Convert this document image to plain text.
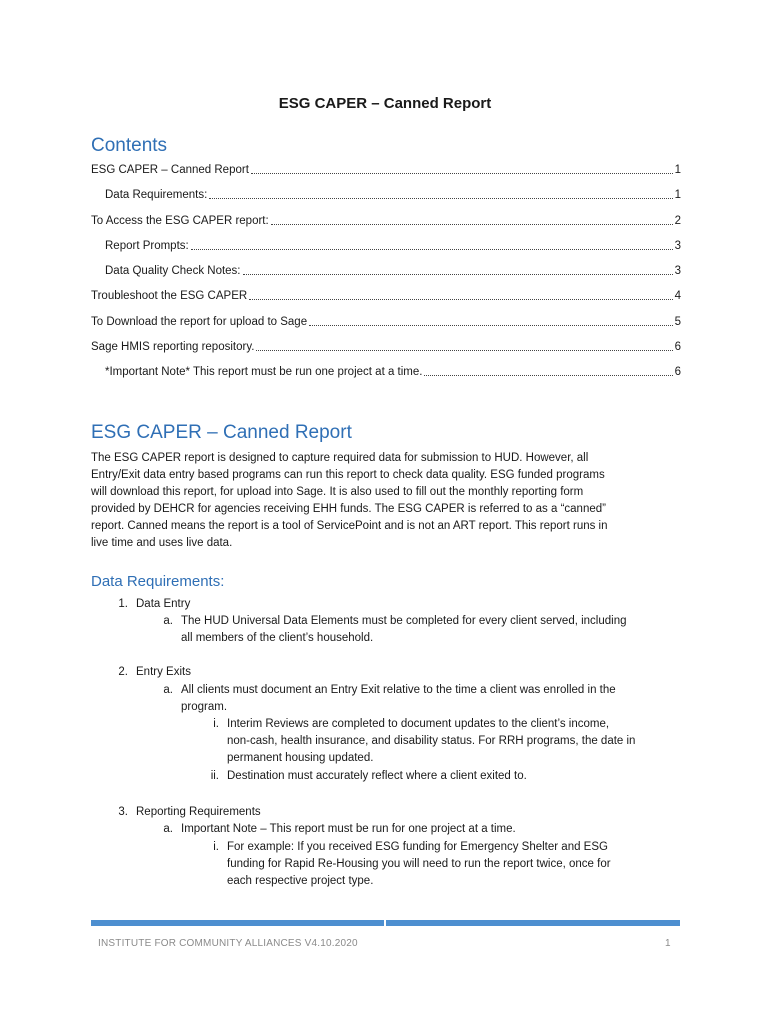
ESG CAPER – Canned Report
Contents
ESG CAPER – Canned Report	1
Data Requirements:	1
To Access the ESG CAPER report:	2
Report Prompts:	3
Data Quality Check Notes:	3
Troubleshoot the ESG CAPER	4
To Download the report for upload to Sage	5
Sage HMIS reporting repository.	6
*Important Note* This report must be run one project at a time.	6
ESG CAPER – Canned Report
The ESG CAPER report is designed to capture required data for submission to HUD. However, all
Entry/Exit data entry based programs can run this report to check data quality. ESG funded programs
will download this report, for upload into Sage. It is also used to fill out the monthly reporting form
provided by DEHCR for agencies receiving EHH funds. The ESG CAPER is referred to as a “canned”
report. Canned means the report is a tool of ServicePoint and is not an ART report. This report runs in
live time and uses live data.
Data Requirements:
1. Data Entry
a. The HUD Universal Data Elements must be completed for every client served, including
all members of the client’s household.
2. Entry Exits
a. All clients must document an Entry Exit relative to the time a client was enrolled in the
program.
i. Interim Reviews are completed to document updates to the client’s income,
non-cash, health insurance, and disability status. For RRH programs, the date in
permanent housing updated.
ii. Destination must accurately reflect where a client exited to.
3. Reporting Requirements
a. Important Note – This report must be run for one project at a time.
i. For example: If you received ESG funding for Emergency Shelter and ESG
funding for Rapid Re-Housing you will need to run the report twice, once for
each respective project type.
INSTITUTE FOR COMMUNITY ALLIANCES V4.10.2020	1
